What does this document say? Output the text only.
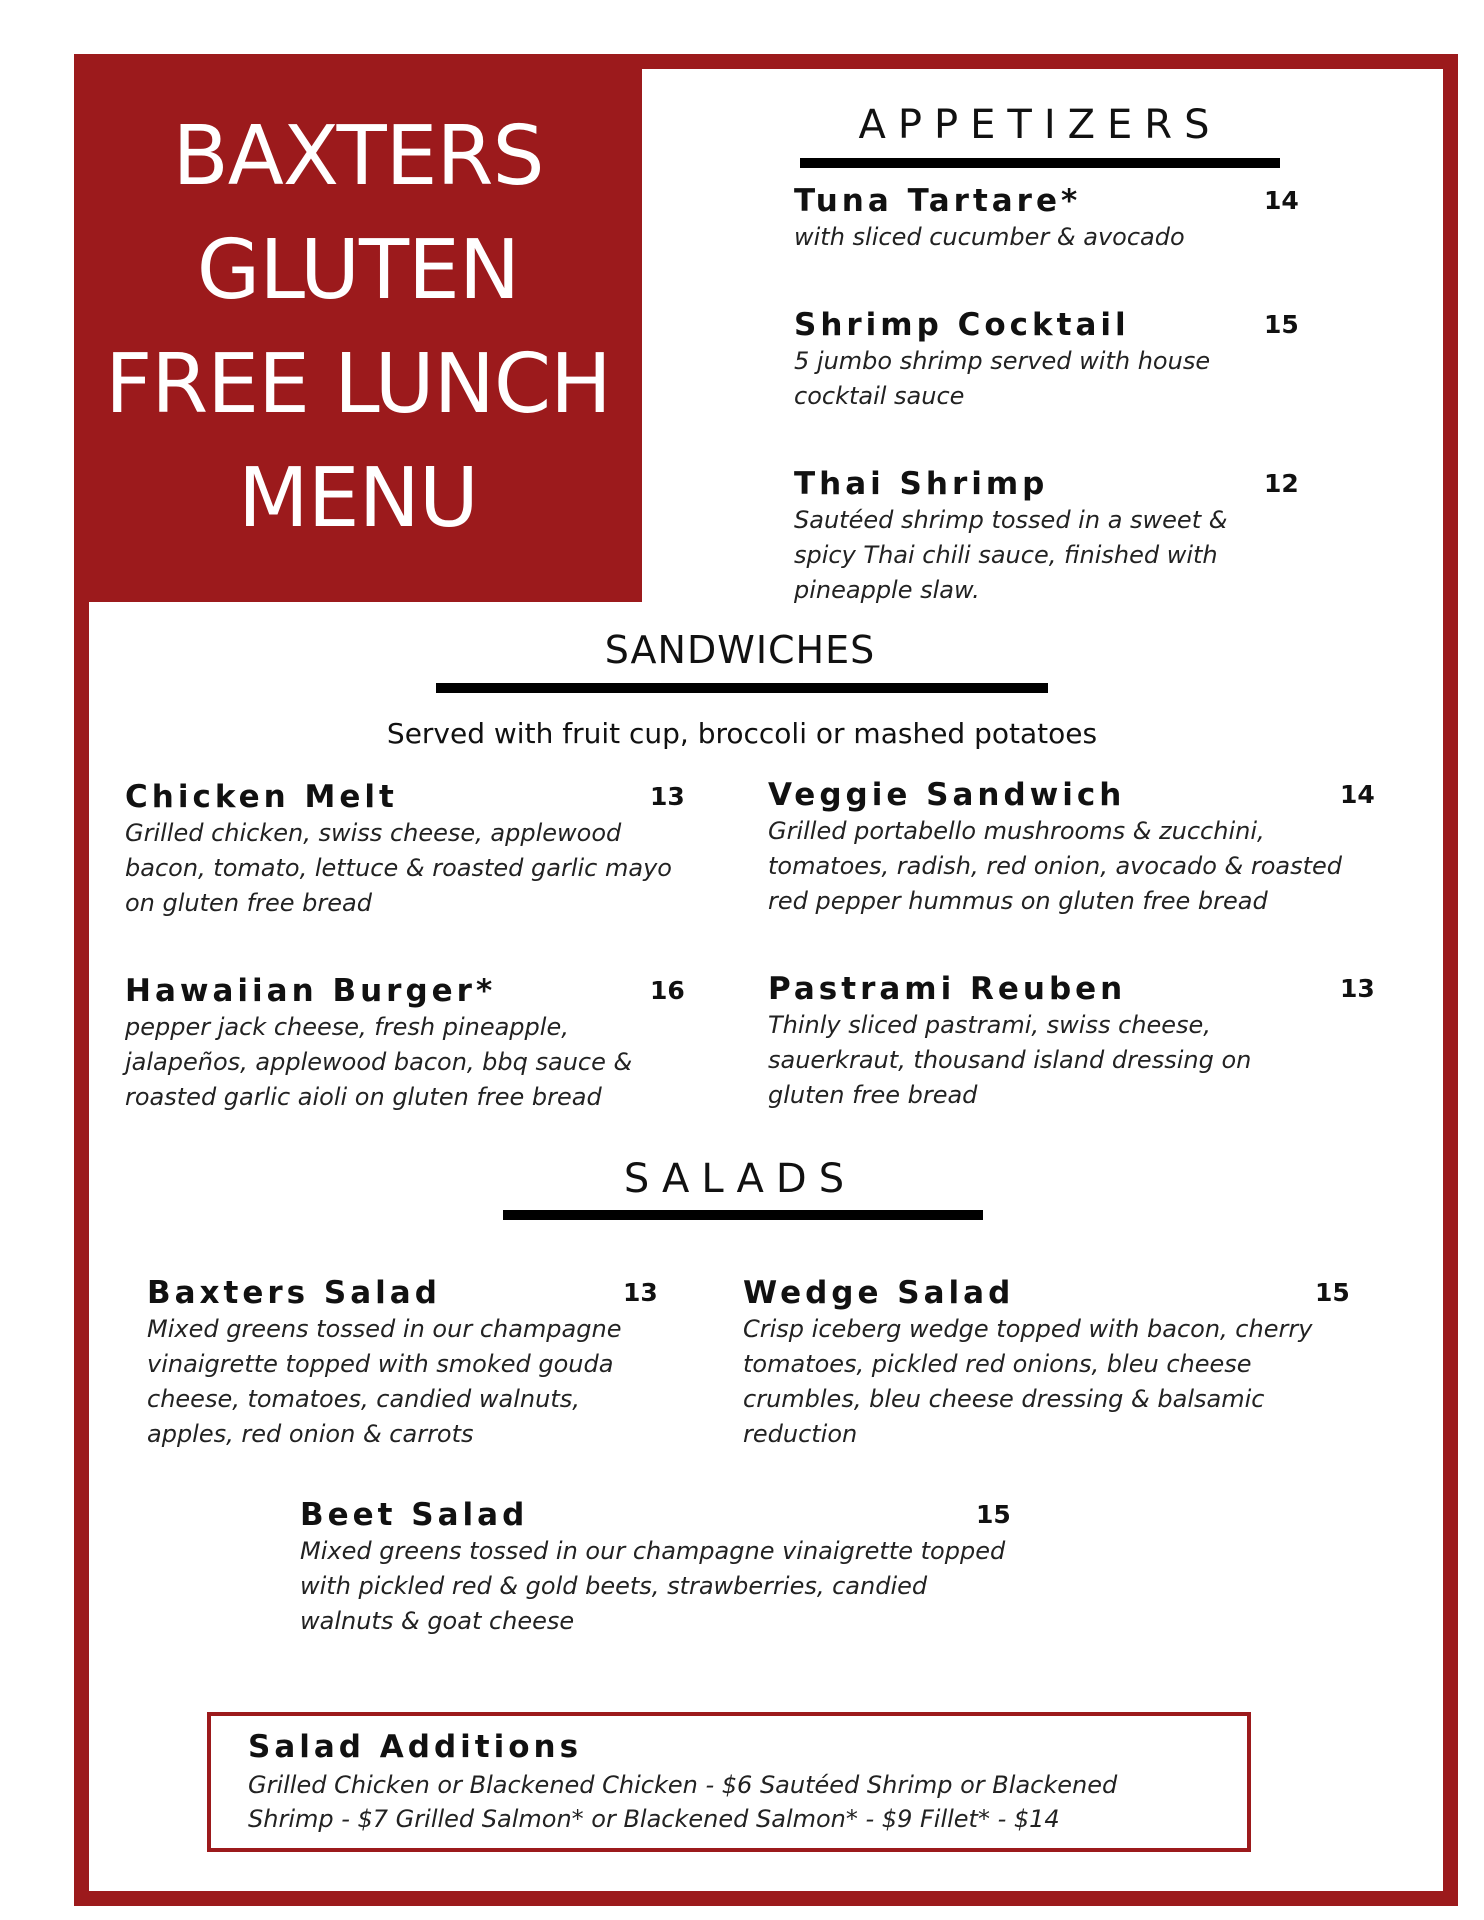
BAXTERS
GLUTEN
FREE LUNCH
MENU
APPETIZERS
Tuna Tartare*	14
with sliced cucumber & avocado
Shrimp Cocktail	15
5 jumbo shrimp served with house cocktail sauce
Thai Shrimp	12
Sautéed shrimp tossed in a sweet & spicy Thai chili sauce, finished with pineapple slaw.
SANDWICHES
Served with fruit cup, broccoli or mashed potatoes
Chicken Melt	13
Grilled chicken, swiss cheese, applewood bacon, tomato, lettuce & roasted garlic mayo on gluten free bread
Veggie Sandwich	14
Grilled portabello mushrooms & zucchini, tomatoes, radish, red onion, avocado & roasted red pepper hummus on gluten free bread
Hawaiian Burger*	16
pepper jack cheese, fresh pineapple, jalapeños, applewood bacon, bbq sauce & roasted garlic aioli on gluten free bread
Pastrami Reuben	13
Thinly sliced pastrami, swiss cheese, sauerkraut, thousand island dressing on gluten free bread
SALADS
Baxters Salad	13
Mixed greens tossed in our champagne vinaigrette topped with smoked gouda cheese, tomatoes, candied walnuts, apples, red onion & carrots
Wedge Salad	15
Crisp iceberg wedge topped with bacon, cherry tomatoes, pickled red onions, bleu cheese crumbles, bleu cheese dressing & balsamic reduction
Beet Salad	15
Mixed greens tossed in our champagne vinaigrette topped with pickled red & gold beets, strawberries, candied walnuts & goat cheese
Salad Additions
Grilled Chicken or Blackened Chicken - $6 Sautéed Shrimp or Blackened Shrimp - $7 Grilled Salmon* or Blackened Salmon* - $9 Fillet* - $14
